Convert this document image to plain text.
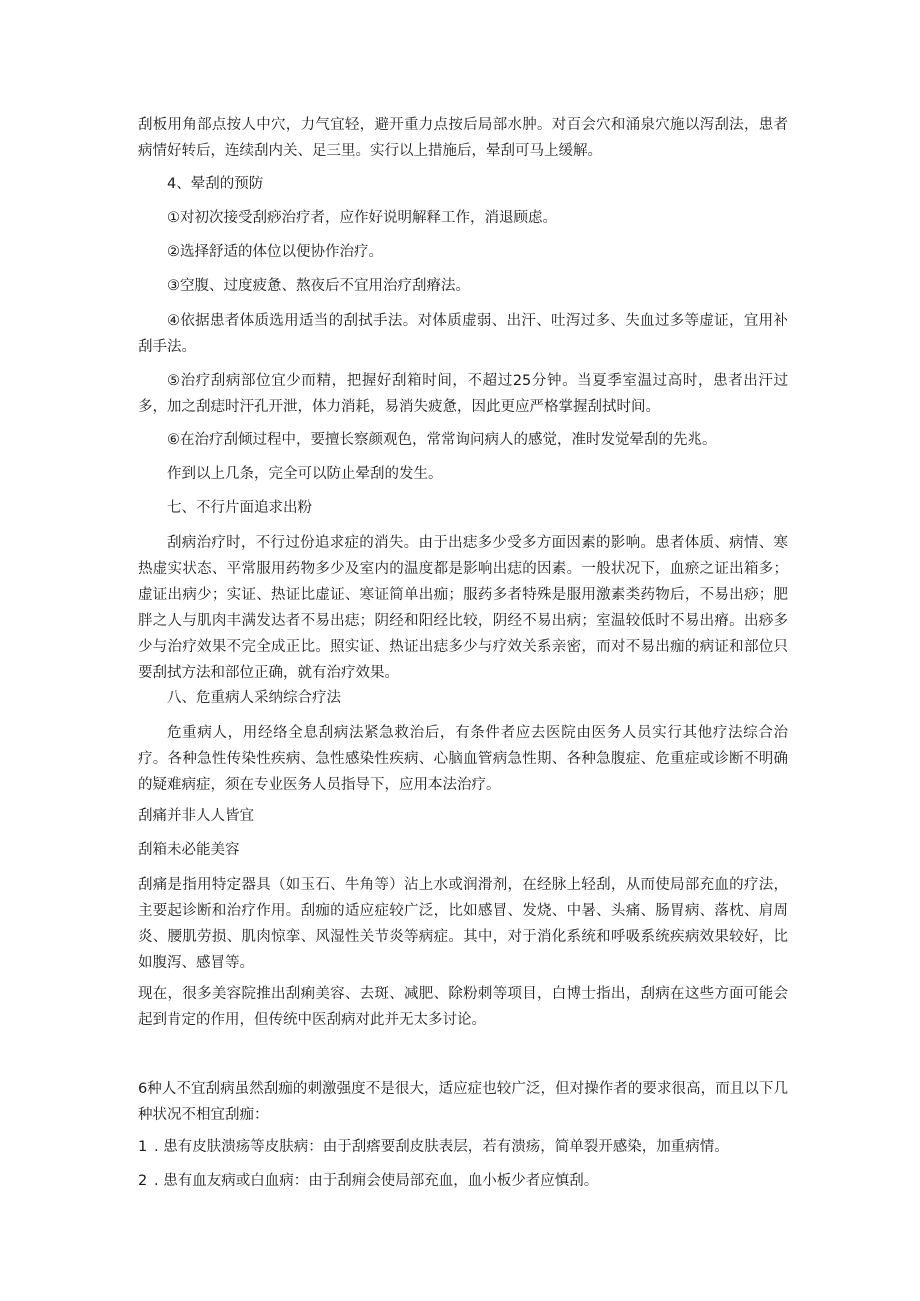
刮板用角部点按人中穴，力气宜轻，避开重力点按后局部水肿。对百会穴和涌泉穴施以泻刮法，患者病情好转后，连续刮内关、足三里。实行以上措施后，晕刮可马上缓解。

4、晕刮的预防

①对初次接受刮痧治疗者，应作好说明解释工作，消退顾虑。

②选择舒适的体位以便协作治疗。

③空腹、过度疲惫、熬夜后不宜用治疗刮瘠法。

④依据患者体质选用适当的刮拭手法。对体质虚弱、出汗、吐泻过多、失血过多等虚证，宜用补刮手法。

⑤治疗刮病部位宜少而精，把握好刮箱时间，不超过25分钟。当夏季室温过高时，患者出汗过多，加之刮痣时汗孔开泄，体力消耗，易消失疲惫，因此更应严格掌握刮拭时间。

⑥在治疗刮倾过程中，要擅长察颜观色，常常询问病人的感觉，准时发觉晕刮的先兆。

作到以上几条，完全可以防止晕刮的发生。

七、不行片面追求出粉

刮病治疗时，不行过份追求症的消失。由于出痣多少受多方面因素的影响。患者体质、病情、寒热虚实状态、平常服用药物多少及室内的温度都是影响出痣的因素。一般状况下，血瘀之证出箱多；虚证出病少；实证、热证比虚证、寒证简单出痂；服药多者特殊是服用激素类药物后，不易出痧；肥胖之人与肌肉丰满发达者不易出痣；阴经和阳经比较，阴经不易出病；室温较低时不易出瘠。出痧多少与治疗效果不完全成正比。照实证、热证出痣多少与疗效关系亲密，而对不易出痂的病证和部位只要刮拭方法和部位正确，就有治疗效果。

八、危重病人采纳综合疗法

危重病人，用经络全息刮病法紧急救治后，有条件者应去医院由医务人员实行其他疗法综合治疗。各种急性传染性疾病、急性感染性疾病、心脑血管病急性期、各种急腹症、危重症或诊断不明确的疑难病症，须在专业医务人员指导下，应用本法治疗。

刮痛并非人人皆宜

刮箱未必能美容

刮痛是指用特定器具（如玉石、牛角等）沾上水或润滑剂，在经脉上轻刮，从而使局部充血的疗法，主要起诊断和治疗作用。刮痂的适应症较广泛，比如感冒、发烧、中暑、头痛、肠胃病、落枕、肩周炎、腰肌劳损、肌肉惊挛、风湿性关节炎等病症。其中，对于消化系统和呼吸系统疾病效果较好，比如腹泻、感冒等。

现在，很多美容院推出刮痢美容、去斑、减肥、除粉刺等项目，白博士指出，刮病在这些方面可能会起到肯定的作用，但传统中医刮病对此并无太多讨论。

6种人不宜刮病虽然刮痂的刺激强度不是很大，适应症也较广泛，但对操作者的要求很高，而且以下几种状况不相宜刮痂：

1 . 患有皮肤溃疡等皮肤病：由于刮瘩要刮皮肤表层，若有溃疡，简单裂开感染，加重病情。

2 . 患有血友病或白血病：由于刮痈会使局部充血，血小板少者应慎刮。
